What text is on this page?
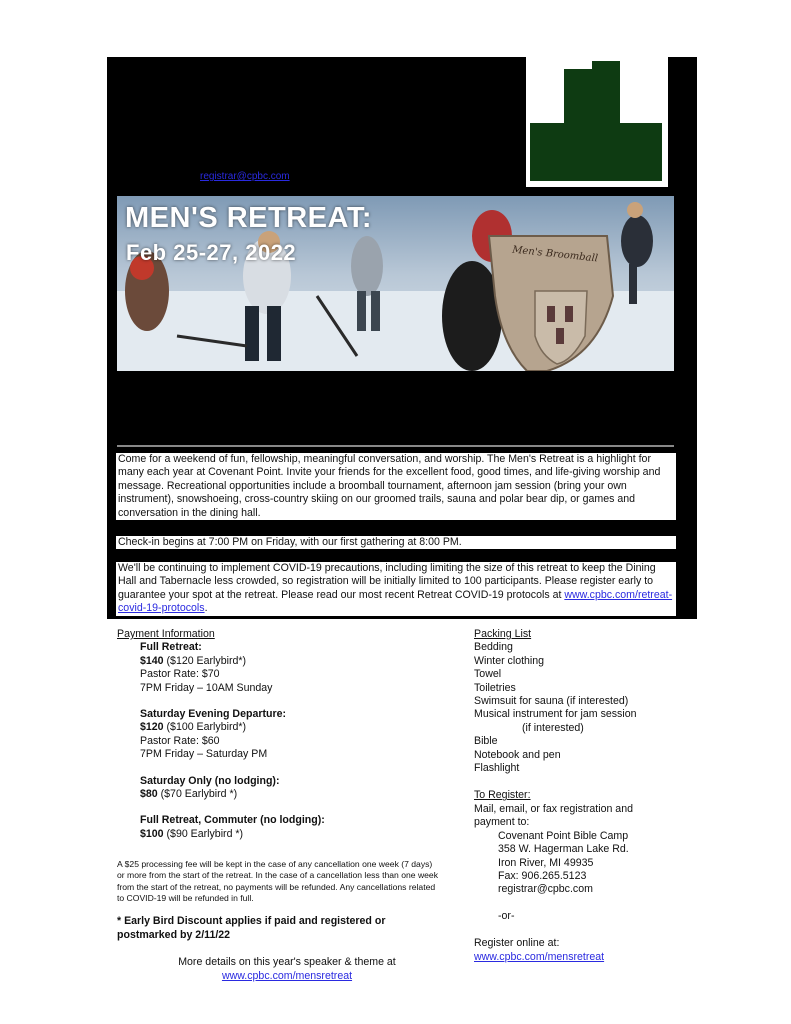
registrar@cpbc.com
MEN'S RETREAT:
Feb 25-27, 2022	Men's Broomball

Come for a weekend of fun, fellowship, meaningful conversation, and worship. The Men's Retreat is a highlight for many each year at Covenant Point. Invite your friends for the excellent food, good times, and life-giving worship and message. Recreational opportunities include a broomball tournament, afternoon jam session (bring your own instrument), snowshoeing, cross-country skiing on our groomed trails, sauna and polar bear dip, or games and conversation in the dining hall.

Check-in begins at 7:00 PM on Friday, with our first gathering at 8:00 PM.

We'll be continuing to implement COVID-19 precautions, including limiting the size of this retreat to keep the Dining Hall and Tabernacle less crowded, so registration will be initially limited to 100 participants. Please register early to guarantee your spot at the retreat. Please read our most recent Retreat COVID-19 protocols at www.cpbc.com/retreat-covid-19-protocols.

Payment Information
Full Retreat:
$140 ($120 Earlybird*)
Pastor Rate: $70
7PM Friday – 10AM Sunday
Saturday Evening Departure:
$120 ($100 Earlybird*)
Pastor Rate: $60
7PM Friday – Saturday PM
Saturday Only (no lodging):
$80 ($70 Earlybird *)
Full Retreat, Commuter (no lodging):
$100 ($90 Earlybird *)
A $25 processing fee will be kept in the case of any cancellation one week (7 days) or more from the start of the retreat. In the case of a cancellation less than one week from the start of the retreat, no payments will be refunded. Any cancellations related to COVID-19 will be refunded in full.
* Early Bird Discount applies if paid and registered or postmarked by 2/11/22
More details on this year's speaker & theme at
www.cpbc.com/mensretreat
Packing List
Bedding
Winter clothing
Towel
Toiletries
Swimsuit for sauna (if interested)
Musical instrument for jam session
(if interested)
Bible
Notebook and pen
Flashlight
To Register:
Mail, email, or fax registration and payment to:
Covenant Point Bible Camp
358 W. Hagerman Lake Rd.
Iron River, MI 49935
Fax: 906.265.5123
registrar@cpbc.com
-or-
Register online at:
www.cpbc.com/mensretreat
